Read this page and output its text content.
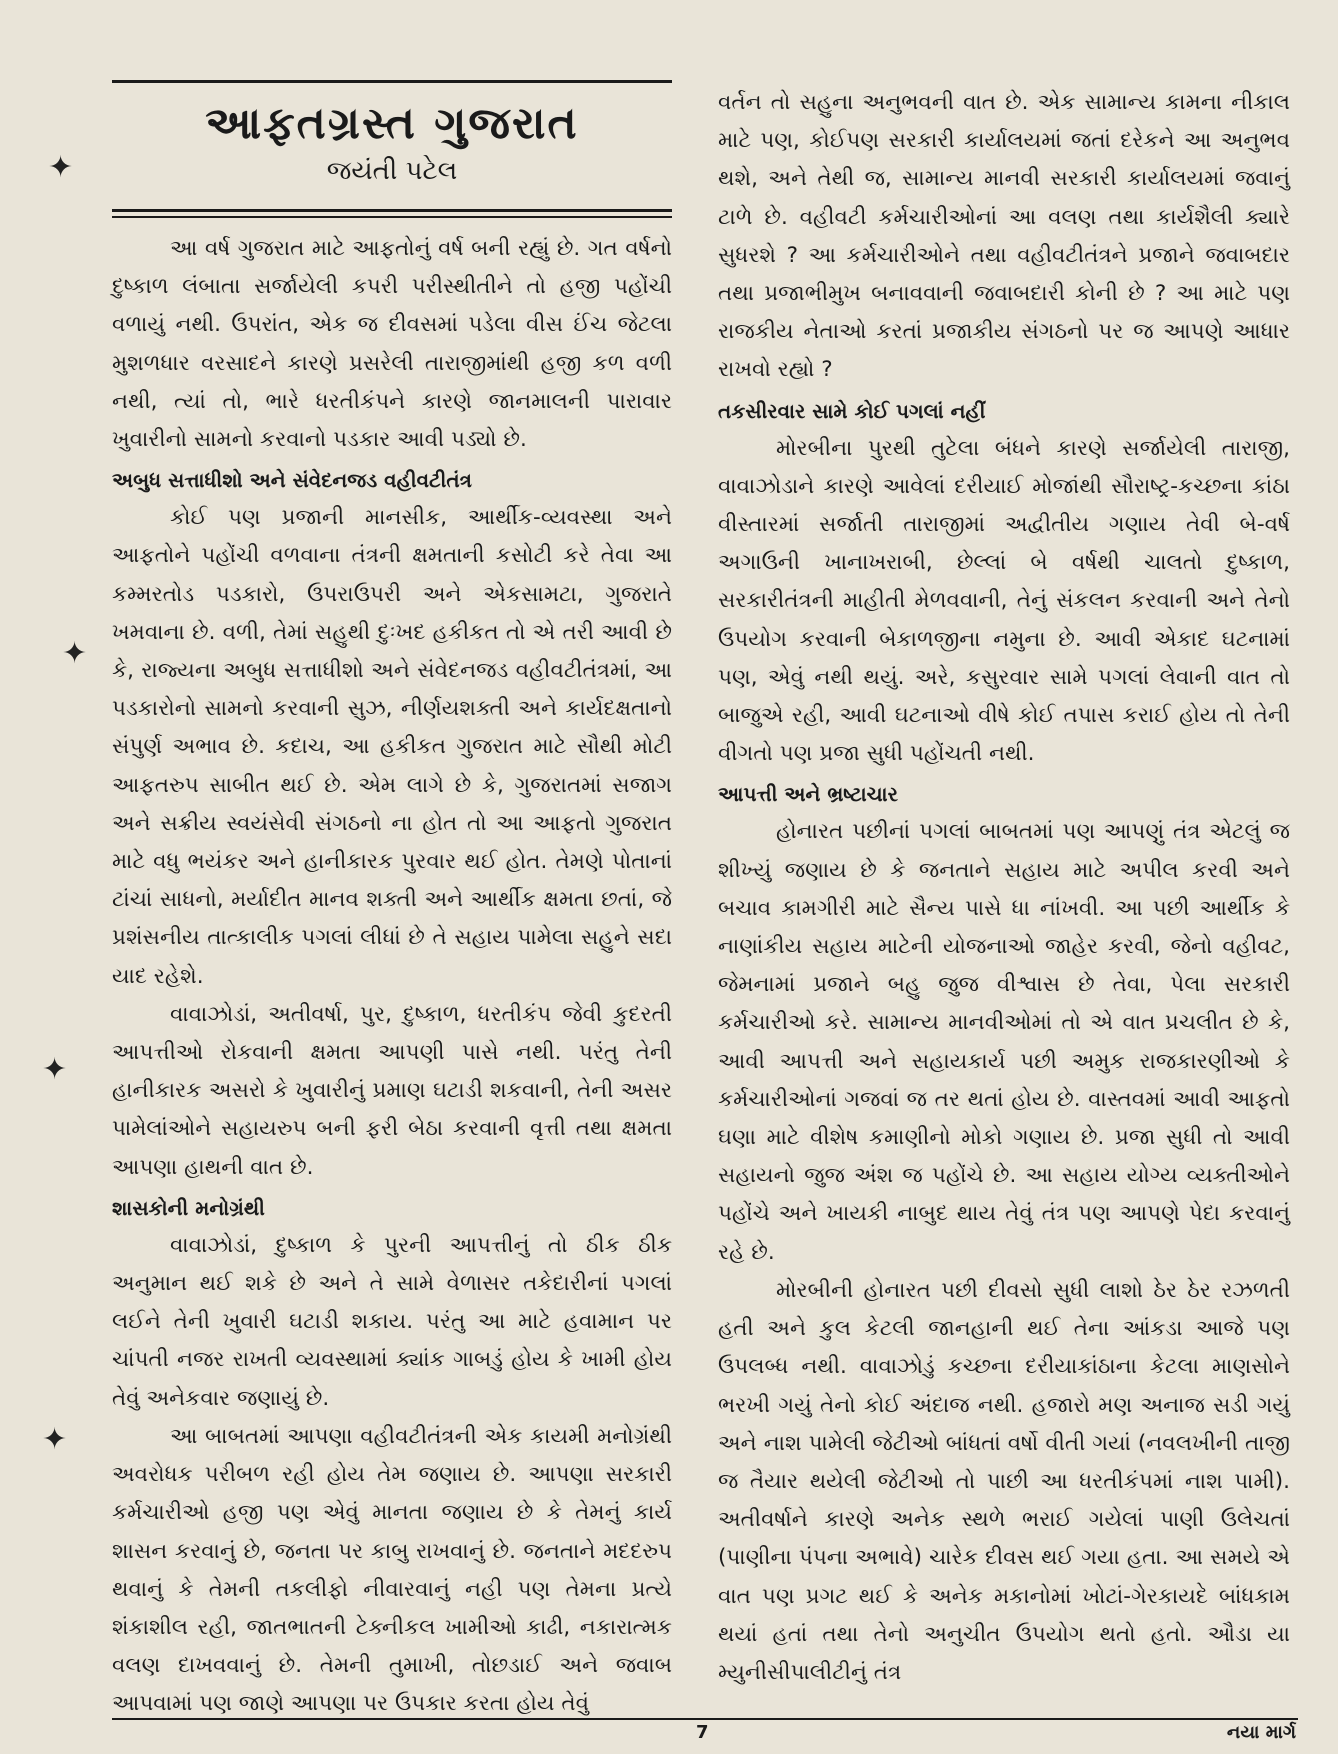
આફતગ્રસ્ત ગુજરાત
જયંતી પટેલ

આ વર્ષ ગુજરાત માટે આફતોનું વર્ષ બની રહ્યું છે. ગત વર્ષનો દુષ્કાળ લંબાતા સર્જાયેલી કપરી પરીસ્થીતીને તો હજી પહોંચી વળાયું નથી. ઉપરાંત, એક જ દીવસમાં પડેલા વીસ ઈંચ જેટલા મુશળધાર વરસાદને કારણે પ્રસરેલી તારાજીમાંથી હજી કળ વળી નથી, ત્યાં તો, ભારે ધરતીકંપને કારણે જાનમાલની પારાવાર ખુવારીનો સામનો કરવાનો પડકાર આવી પડ્યો છે.

અબુધ સત્તાધીશો અને સંવેદનજડ વહીવટીતંત્ર

કોઈ પણ પ્રજાની માનસીક, આર્થીક-વ્યવસ્થા અને આફતોને પહોંચી વળવાના તંત્રની ક્ષમતાની કસોટી કરે તેવા આ કમ્મરતોડ પડકારો, ઉપરાઉપરી અને એકસામટા, ગુજરાતે ખમવાના છે. વળી, તેમાં સહુથી દુઃખદ હકીકત તો એ તરી આવી છે કે, રાજ્યના અબુધ સત્તાધીશો અને સંવેદનજડ વહીવટીતંત્રમાં, આ પડકારોનો સામનો કરવાની સુઝ, નીર્ણયશક્તી અને કાર્યદક્ષતાનો સંપુર્ણ અભાવ છે. કદાચ, આ હકીકત ગુજરાત માટે સૌથી મોટી આફતરુપ સાબીત થઈ છે. એમ લાગે છે કે, ગુજરાતમાં સજાગ અને સક્રીય સ્વયંસેવી સંગઠનો ના હોત તો આ આફતો ગુજરાત માટે વધુ ભયંકર અને હાનીકારક પુરવાર થઈ હોત. તેમણે પોતાનાં ટાંચાં સાધનો, મર્યાદીત માનવ શક્તી અને આર્થીક ક્ષમતા છતાં, જે પ્રશંસનીય તાત્કાલીક પગલાં લીધાં છે તે સહાય પામેલા સહુને સદા યાદ રહેશે.

વાવાઝોડાં, અતીવર્ષા, પુર, દુષ્કાળ, ધરતીકંપ જેવી કુદરતી આપત્તીઓ રોકવાની ક્ષમતા આપણી પાસે નથી. પરંતુ તેની હાનીકારક અસરો કે ખુવારીનું પ્રમાણ ઘટાડી શકવાની, તેની અસર પામેલાંઓને સહાયરુપ બની ફરી બેઠા કરવાની વૃત્તી તથા ક્ષમતા આપણા હાથની વાત છે.

શાસકોની મનોગ્રંથી

વાવાઝોડાં, દુષ્કાળ કે પુરની આપત્તીનું તો ઠીક ઠીક અનુમાન થઈ શકે છે અને તે સામે વેળાસર તકેદારીનાં પગલાં લઈને તેની ખુવારી ઘટાડી શકાય. પરંતુ આ માટે હવામાન પર ચાંપતી નજર રાખતી વ્યવસ્થામાં ક્યાંક ગાબડું હોય કે ખામી હોય તેવું અનેકવાર જણાયું છે.

આ બાબતમાં આપણા વહીવટીતંત્રની એક કાયમી મનોગ્રંથી અવરોધક પરીબળ રહી હોય તેમ જણાય છે. આપણા સરકારી કર્મચારીઓ હજી પણ એવું માનતા જણાય છે કે તેમનું કાર્ય શાસન કરવાનું છે, જનતા પર કાબુ રાખવાનું છે. જનતાને મદદરુપ થવાનું કે તેમની તકલીફો નીવારવાનું નહી પણ તેમના પ્રત્યે શંકાશીલ રહી, જાતભાતની ટેક્નીકલ ખામીઓ કાઢી, નકારાત્મક વલણ દાખવવાનું છે. તેમની તુમાખી, તોછડાઈ અને જવાબ આપવામાં પણ જાણે આપણા પર ઉપકાર કરતા હોય તેવું

વર્તન તો સહુના અનુભવની વાત છે. એક સામાન્ય કામના નીકાલ માટે પણ, કોઈપણ સરકારી કાર્યાલયમાં જતાં દરેકને આ અનુભવ થશે, અને તેથી જ, સામાન્ય માનવી સરકારી કાર્યાલયમાં જવાનું ટાળે છે. વહીવટી કર્મચારીઓનાં આ વલણ તથા કાર્યશૈલી ક્યારે સુધરશે ? આ કર્મચારીઓને તથા વહીવટીતંત્રને પ્રજાને જવાબદાર તથા પ્રજાભીમુખ બનાવવાની જવાબદારી કોની છે ? આ માટે પણ રાજકીય નેતાઓ કરતાં પ્રજાકીય સંગઠનો પર જ આપણે આધાર રાખવો રહ્યો ?

તકસીરવાર સામે કોઈ પગલાં નહીં

મોરબીના પુરથી તુટેલા બંધને કારણે સર્જાયેલી તારાજી, વાવાઝોડાને કારણે આવેલાં દરીયાઈ મોજાંથી સૌરાષ્ટ્ર-કચ્છના કાંઠા વીસ્તારમાં સર્જાતી તારાજીમાં અદ્વીતીય ગણાય તેવી બે-વર્ષ અગાઉની ખાનાખરાબી, છેલ્લાં બે વર્ષથી ચાલતો દુષ્કાળ, સરકારીતંત્રની માહીતી મેળવવાની, તેનું સંકલન કરવાની અને તેનો ઉપયોગ કરવાની બેકાળજીના નમુના છે. આવી એકાદ ઘટનામાં પણ, એવું નથી થયું. અરે, કસુરવાર સામે પગલાં લેવાની વાત તો બાજુએ રહી, આવી ઘટનાઓ વીષે કોઈ તપાસ કરાઈ હોય તો તેની વીગતો પણ પ્રજા સુધી પહોંચતી નથી.

આપત્તી અને ભ્રષ્ટાચાર

હોનારત પછીનાં પગલાં બાબતમાં પણ આપણું તંત્ર એટલું જ શીખ્યું જણાય છે કે જનતાને સહાય માટે અપીલ કરવી અને બચાવ કામગીરી માટે સૈન્ય પાસે ધા નાંખવી. આ પછી આર્થીક કે નાણાંકીય સહાય માટેની યોજનાઓ જાહેર કરવી, જેનો વહીવટ, જેમનામાં પ્રજાને બહુ જુજ વીશ્વાસ છે તેવા, પેલા સરકારી કર્મચારીઓ કરે. સામાન્ય માનવીઓમાં તો એ વાત પ્રચલીત છે કે, આવી આપત્તી અને સહાયકાર્ય પછી અમુક રાજકારણીઓ કે કર્મચારીઓનાં ગજવાં જ તર થતાં હોય છે. વાસ્તવમાં આવી આફતો ઘણા માટે વીશેષ કમાણીનો મોકો ગણાય છે. પ્રજા સુધી તો આવી સહાયનો જુજ અંશ જ પહોંચે છે. આ સહાય યોગ્ય વ્યક્તીઓને પહોંચે અને ખાયકી નાબુદ થાય તેવું તંત્ર પણ આપણે પેદા કરવાનું રહે છે.

મોરબીની હોનારત પછી દીવસો સુધી લાશો ઠેર ઠેર રઝળતી હતી અને કુલ કેટલી જાનહાની થઈ તેના આંકડા આજે પણ ઉપલબ્ધ નથી. વાવાઝોડું કચ્છના દરીયાકાંઠાના કેટલા માણસોને ભરખી ગયું તેનો કોઈ અંદાજ નથી. હજારો મણ અનાજ સડી ગયું અને નાશ પામેલી જેટીઓ બાંધતાં વર્ષો વીતી ગયાં (નવલખીની તાજી જ તૈયાર થયેલી જેટીઓ તો પાછી આ ધરતીકંપમાં નાશ પામી). અતીવર્ષાને કારણે અનેક સ્થળે ભરાઈ ગયેલાં પાણી ઉલેચતાં (પાણીના પંપના અભાવે) ચારેક દીવસ થઈ ગયા હતા. આ સમયે એ વાત પણ પ્રગટ થઈ કે અનેક મકાનોમાં ખોટાં-ગેરકાયદે બાંધકામ થયાં હતાં તથા તેનો અનુચીત ઉપયોગ થતો હતો. ઔડા યા મ્યુનીસીપાલીટીનું તંત્ર

✦
✦
✦
✦
7	નયા માર્ગ
